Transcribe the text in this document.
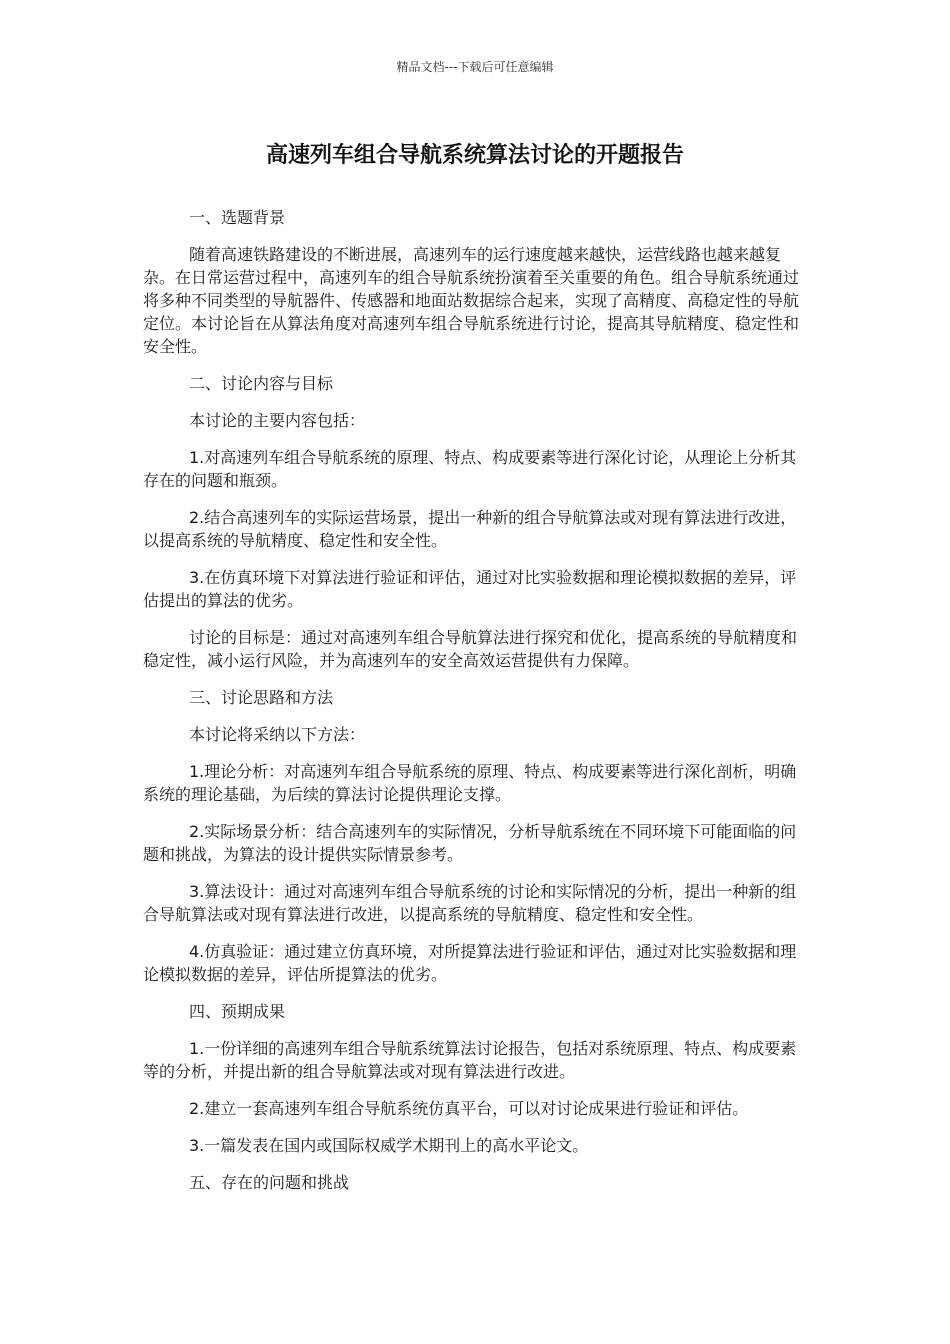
精品文档---下载后可任意编辑
高速列车组合导航系统算法讨论的开题报告

一、选题背景

随着高速铁路建设的不断进展，高速列车的运行速度越来越快，运营线路也越来越复杂。在日常运营过程中，高速列车的组合导航系统扮演着至关重要的角色。组合导航系统通过将多种不同类型的导航器件、传感器和地面站数据综合起来，实现了高精度、高稳定性的导航定位。本讨论旨在从算法角度对高速列车组合导航系统进行讨论，提高其导航精度、稳定性和安全性。

二、讨论内容与目标

本讨论的主要内容包括：

1.对高速列车组合导航系统的原理、特点、构成要素等进行深化讨论，从理论上分析其存在的问题和瓶颈。

2.结合高速列车的实际运营场景，提出一种新的组合导航算法或对现有算法进行改进，以提高系统的导航精度、稳定性和安全性。

3.在仿真环境下对算法进行验证和评估，通过对比实验数据和理论模拟数据的差异，评估提出的算法的优劣。

讨论的目标是：通过对高速列车组合导航算法进行探究和优化，提高系统的导航精度和稳定性，减小运行风险，并为高速列车的安全高效运营提供有力保障。

三、讨论思路和方法

本讨论将采纳以下方法：

1.理论分析：对高速列车组合导航系统的原理、特点、构成要素等进行深化剖析，明确系统的理论基础，为后续的算法讨论提供理论支撑。

2.实际场景分析：结合高速列车的实际情况，分析导航系统在不同环境下可能面临的问题和挑战，为算法的设计提供实际情景参考。

3.算法设计：通过对高速列车组合导航系统的讨论和实际情况的分析，提出一种新的组合导航算法或对现有算法进行改进，以提高系统的导航精度、稳定性和安全性。

4.仿真验证：通过建立仿真环境，对所提算法进行验证和评估，通过对比实验数据和理论模拟数据的差异，评估所提算法的优劣。

四、预期成果

1.一份详细的高速列车组合导航系统算法讨论报告，包括对系统原理、特点、构成要素等的分析，并提出新的组合导航算法或对现有算法进行改进。

2.建立一套高速列车组合导航系统仿真平台，可以对讨论成果进行验证和评估。

3.一篇发表在国内或国际权威学术期刊上的高水平论文。

五、存在的问题和挑战
